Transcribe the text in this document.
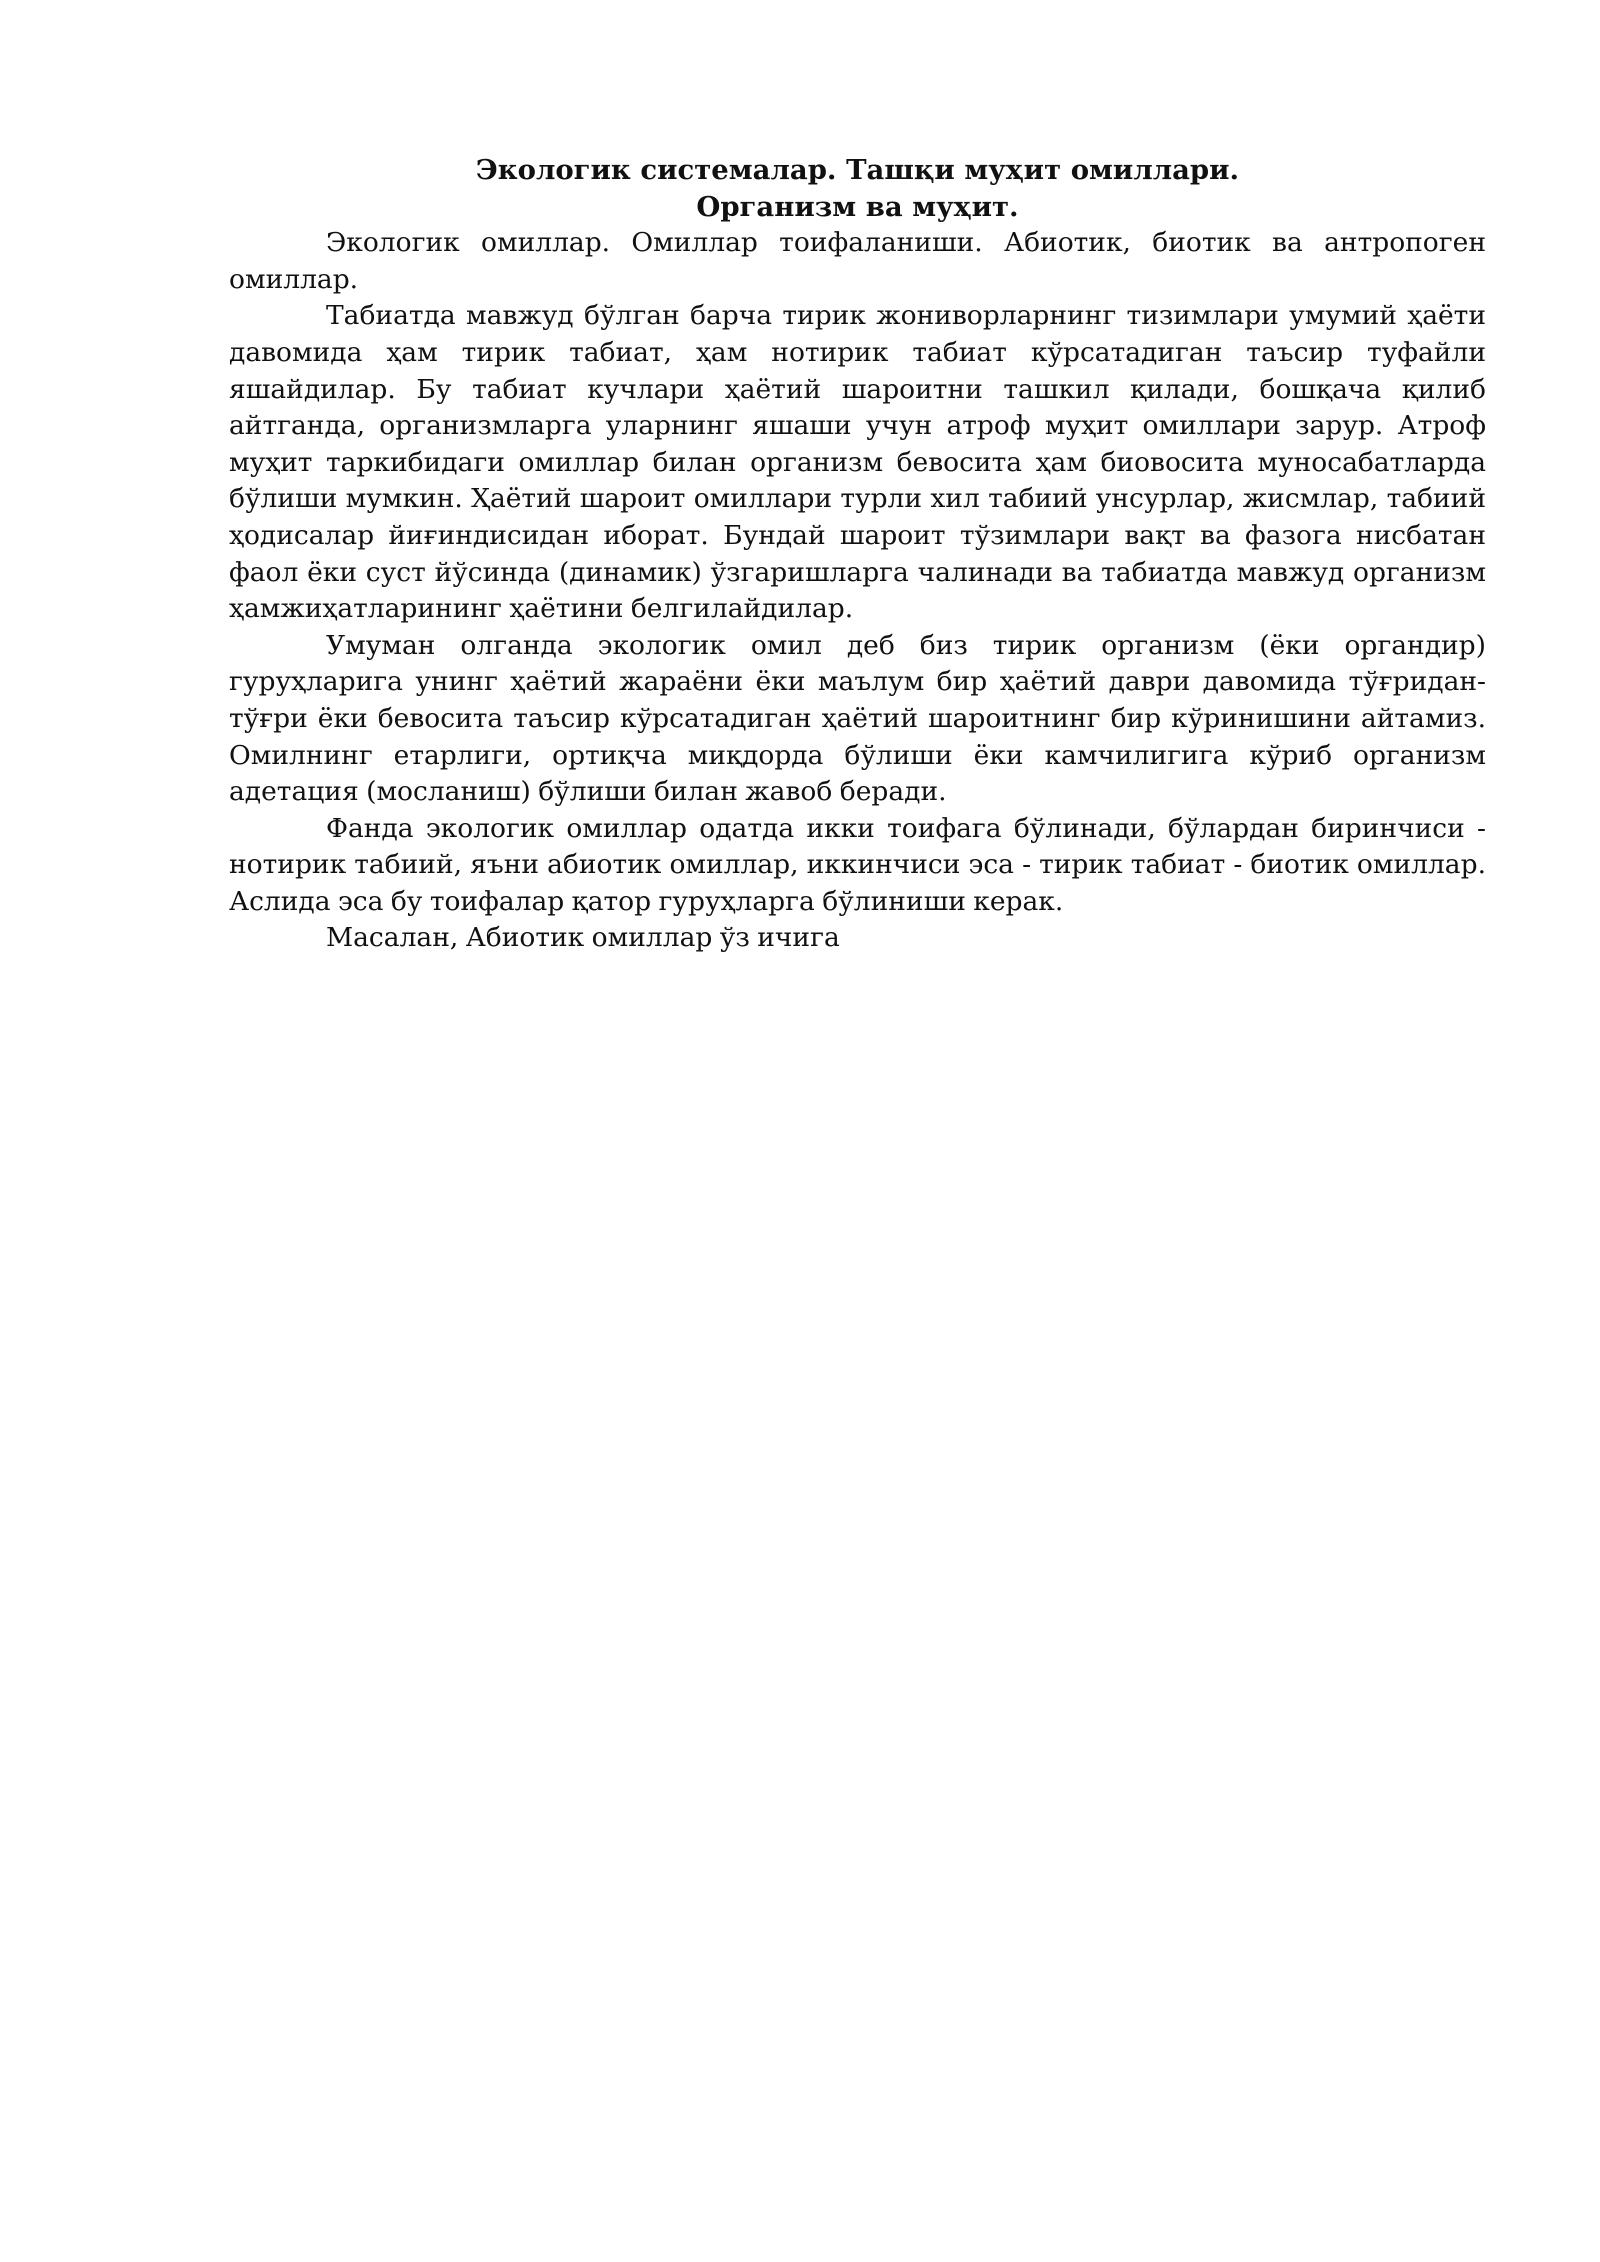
Экологик системалар. Ташқи муҳит омиллари.

Организм ва муҳит.

Экологик омиллар. Омиллар тоифаланиши. Абиотик, биотик ва антропоген омиллар.

Табиатда мавжуд бўлган барча тирик жониворларнинг тизимлари умумий ҳаёти давомида ҳам тирик табиат, ҳам нотирик табиат кўрсатадиган таъсир туфайли яшайдилар. Бу табиат кучлари ҳаётий шароитни ташкил қилади, бошқача қилиб айтганда, организмларга уларнинг яшаши учун атроф муҳит омиллари зарур. Атроф муҳит таркибидаги омиллар билан организм бевосита ҳам биовосита муносабатларда бўлиши мумкин. Ҳаётий шароит омиллари турли хил табиий унсурлар, жисмлар, табиий ҳодисалар йиғиндисидан иборат. Бундай шароит тўзимлари вақт ва фазога нисбатан фаол ёки суст йўсинда (динамик) ўзгаришларга чалинади ва табиатда мавжуд организм ҳамжиҳатларининг ҳаётини белгилайдилар.

Умуман олганда экологик омил деб биз тирик организм (ёки оргaндир) гуруҳларига унинг ҳаётий жараёни ёки маълум бир ҳаётий даври давомида тўғридан-тўғри ёки бевосита таъсир кўрсатадиган ҳаётий шароитнинг бир кўринишини айтамиз. Омилнинг етарлиги, ортиқча миқдорда бўлиши ёки камчилигига кўриб организм адетация (мосланиш) бўлиши билан жавоб беради.

Фанда экологик омиллар одатда икки тоифага бўлинади, бўлардан биринчиси - нотирик табиий, яъни абиотик омиллар, иккинчиси эса - тирик табиат - биотик омиллар. Аслида эса бу тоифалар қатор гуруҳларга бўлиниши керак.

Масалан, Абиотик омиллар ўз ичига
